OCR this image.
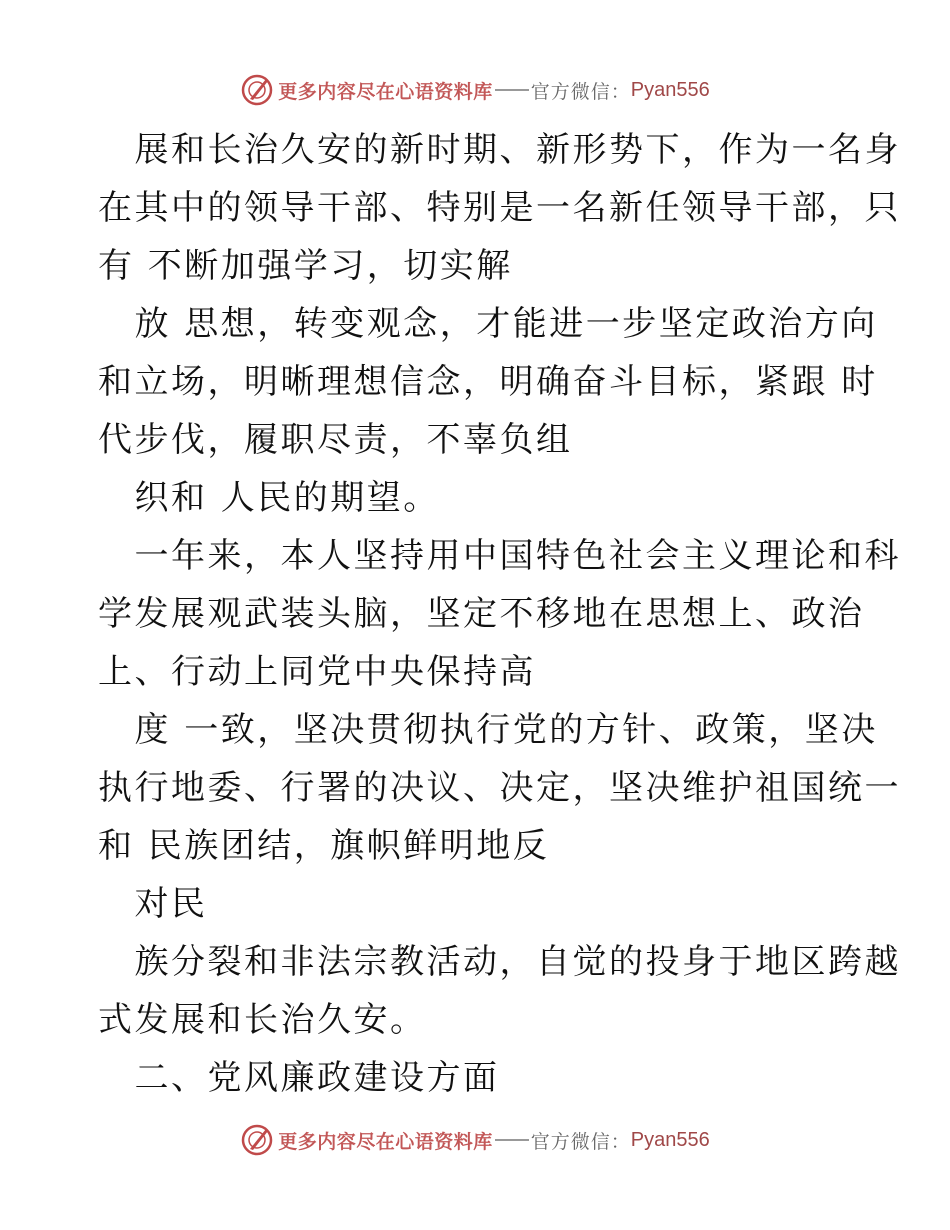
更多内容尽在心语资料库 官方微信： Pyan556
　展和长治久安的新时期、新形势下，作为一名身
在其中的领导干部、特别是一名新任领导干部，只
有 不断加强学习，切实解
　放 思想，转变观念，才能进一步坚定政治方向
和立场，明晰理想信念，明确奋斗目标，紧跟 时
代步伐，履职尽责，不辜负组
　织和 人民的期望。
　一年来，本人坚持用中国特色社会主义理论和科
学发展观武装头脑，坚定不移地在思想上、政治
上、行动上同党中央保持高
　度 一致，坚决贯彻执行党的方针、政策，坚决
执行地委、行署的决议、决定，坚决维护祖国统一
和 民族团结，旗帜鲜明地反
　对民
　族分裂和非法宗教活动，自觉的投身于地区跨越
式发展和长治久安。
　二、党风廉政建设方面
更多内容尽在心语资料库 官方微信： Pyan556
